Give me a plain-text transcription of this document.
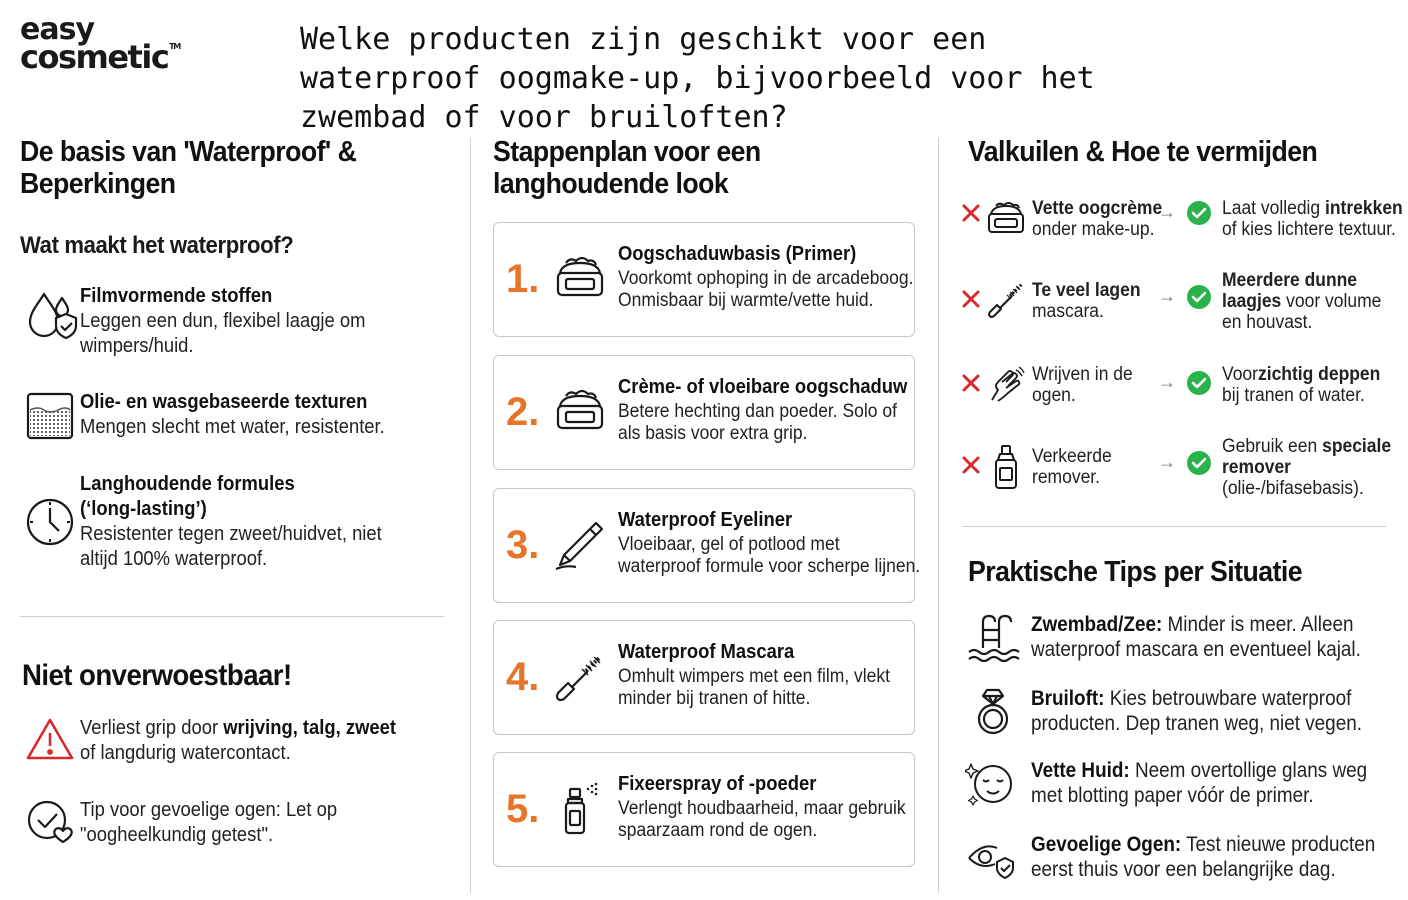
easy
cosmetic™	Welke producten zijn geschikt voor een waterproof oogmake-up, bijvoorbeeld voor het zwembad of voor bruiloften?
De basis van 'Waterproof' & Beperkingen
Wat maakt het waterproof?
Filmvormende stoffen
Leggen een dun, flexibel laagje om
wimpers/huid.
Olie- en wasgebaseerde texturen
Mengen slecht met water, resistenter.
Langhoudende formules
(‘long-lasting’)
Resistenter tegen zweet/huidvet, niet
altijd 100% waterproof.
Niet onverwoestbaar!
Verliest grip door wrijving, talg, zweet
of langdurig watercontact.
Tip voor gevoelige ogen: Let op
"oogheelkundig getest".
Stappenplan voor een langhoudende look
1.
Oogschaduwbasis (Primer)
Voorkomt ophoping in de arcadeboog.
Onmisbaar bij warmte/vette huid.
2.
Crème- of vloeibare oogschaduw
Betere hechting dan poeder. Solo of
als basis voor extra grip.
3.
Waterproof Eyeliner
Vloeibaar, gel of potlood met
waterproof formule voor scherpe lijnen.
4.
Waterproof Mascara
Omhult wimpers met een film, vlekt
minder bij tranen of hitte.
5.
Fixeerspray of -poeder
Verlengt houdbaarheid, maar gebruik
spaarzaam rond de ogen.
Valkuilen & Hoe te vermijden
Vette oogcrème
onder make-up.
→ Laat volledig intrekken
of kies lichtere textuur.
Te veel lagen
mascara.
→
Meerdere dunne
laagjes voor volume
en houvast.
Wrijven in de
ogen.
→ Voorzichtig deppen
bij tranen of water.
Verkeerde
remover.
→
Gebruik een speciale
remover
(olie-/bifasebasis).
Praktische Tips per Situatie
Zwembad/Zee: Minder is meer. Alleen
waterproof mascara en eventueel kajal.
Bruiloft: Kies betrouwbare waterproof
producten. Dep tranen weg, niet vegen.
Vette Huid: Neem overtollige glans weg
met blotting paper vóór de primer.
Gevoelige Ogen: Test nieuwe producten
eerst thuis voor een belangrijke dag.
